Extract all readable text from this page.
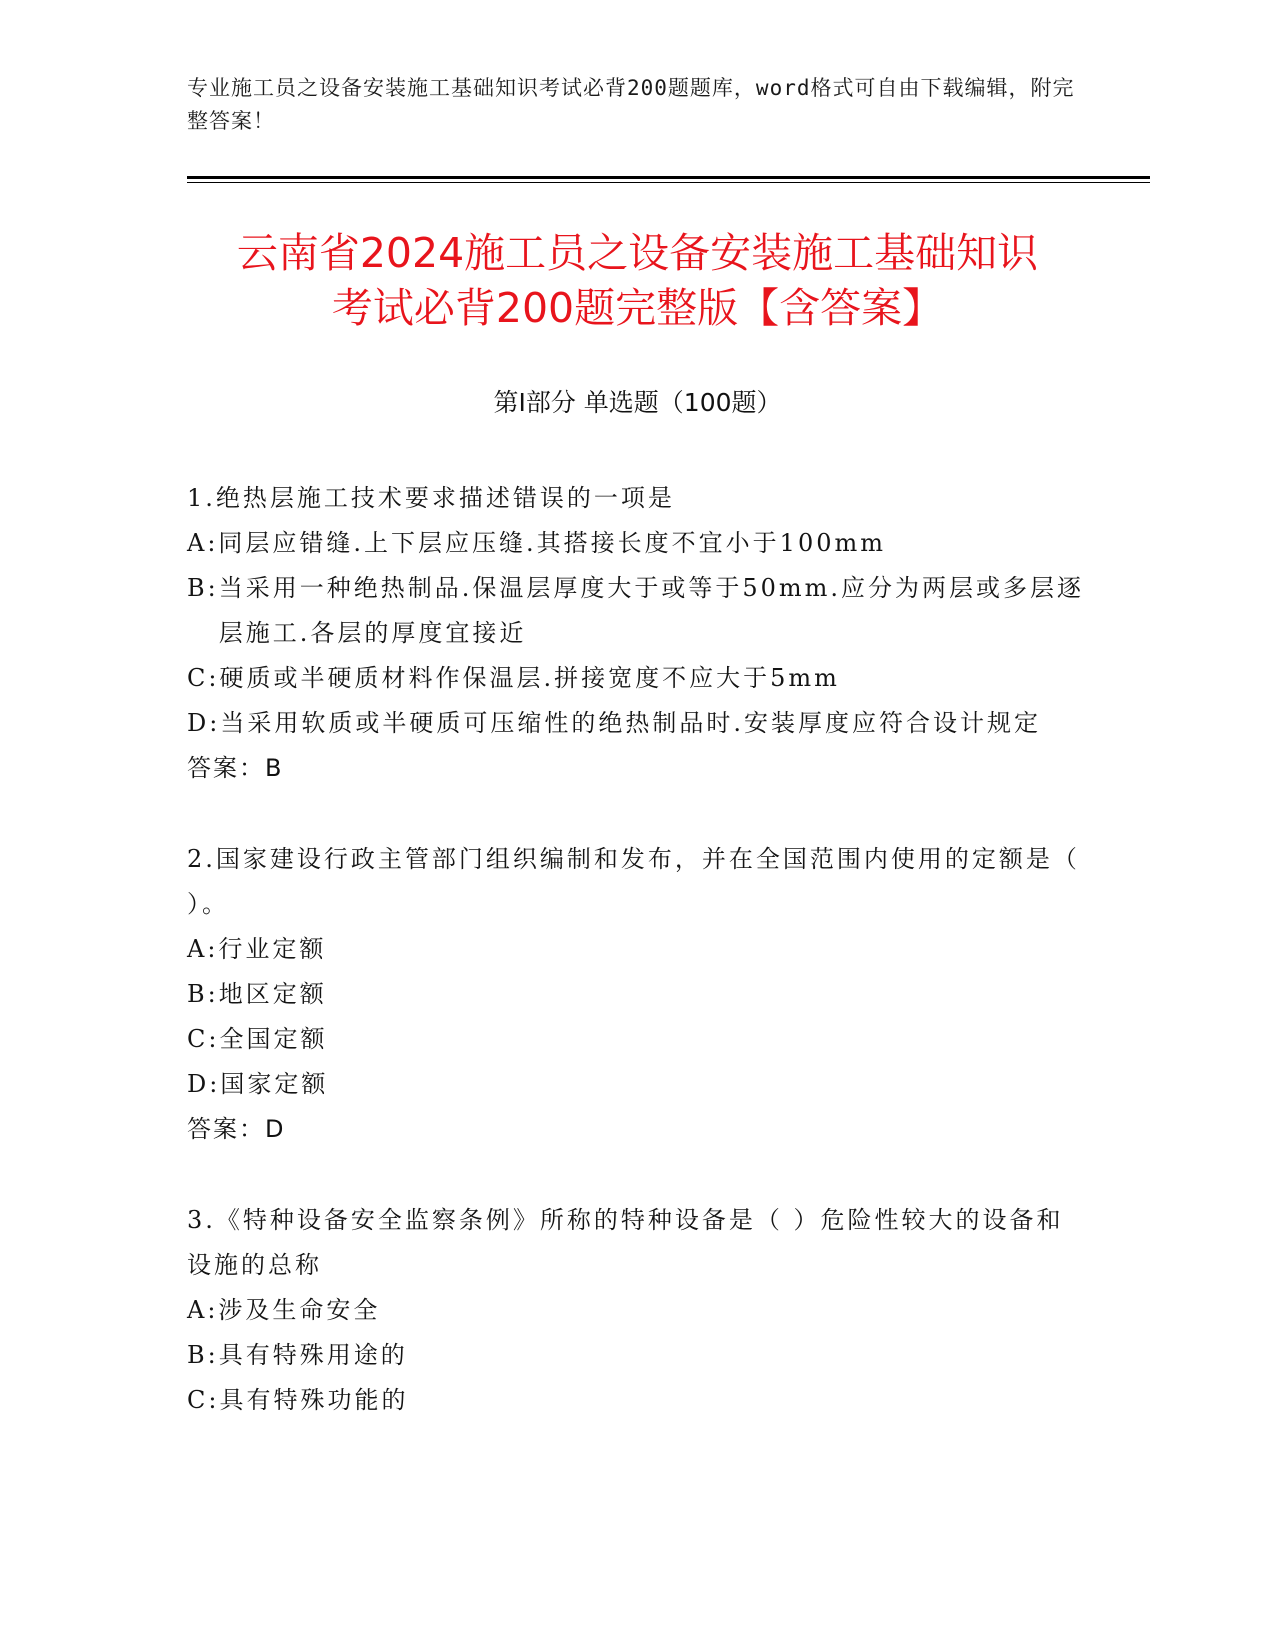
专业施工员之设备安装施工基础知识考试必背200题题库，word格式可自由下载编辑，附完整答案！
云南省2024施工员之设备安装施工基础知识
考试必背200题完整版【含答案】
第Ⅰ部分 单选题（100题）
1.绝热层施工技术要求描述错误的一项是
A: 同层应错缝.上下层应压缝.其搭接长度不宜小于100mm
B: 当采用一种绝热制品.保温层厚度大于或等于50mm.应分为两层或多层逐层施工.各层的厚度宜接近
C: 硬质或半硬质材料作保温层.拼接宽度不应大于5mm
D: 当采用软质或半硬质可压缩性的绝热制品时.安装厚度应符合设计规定
答案：B
2.国家建设行政主管部门组织编制和发布，并在全国范围内使用的定额是（ ）。
A: 行业定额
B: 地区定额
C: 全国定额
D: 国家定额
答案：D
3.《特种设备安全监察条例》所称的特种设备是（ ）危险性较大的设备和设施的总称
A: 涉及生命安全
B: 具有特殊用途的
C: 具有特殊功能的
